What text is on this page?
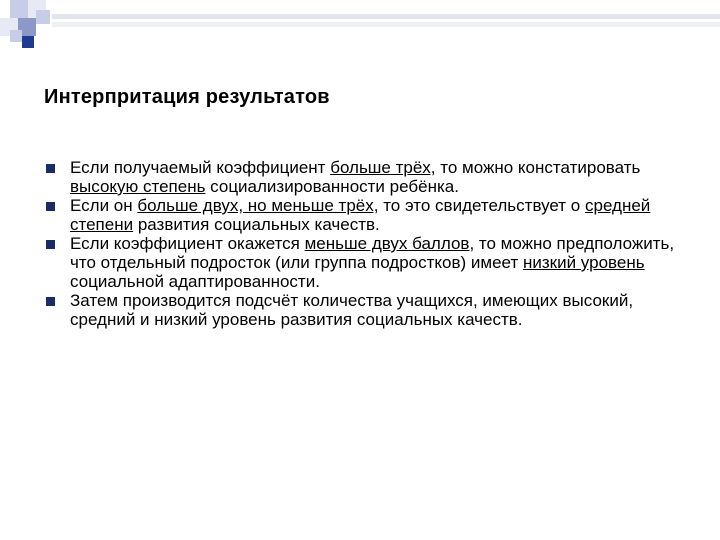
Интерпритация результатов
Если получаемый коэффициент больше трёх, то можно констатировать высокую степень социализированности ребёнка.
Если он больше двух, но меньше трёх, то это свидетельствует о средней степени развития социальных качеств.
Если коэффициент окажется меньше двух баллов, то можно предположить, что отдельный подросток (или группа подростков) имеет низкий уровень социальной адаптированности.
Затем производится подсчёт количества учащихся, имеющих высокий, средний и низкий уровень развития социальных качеств.
